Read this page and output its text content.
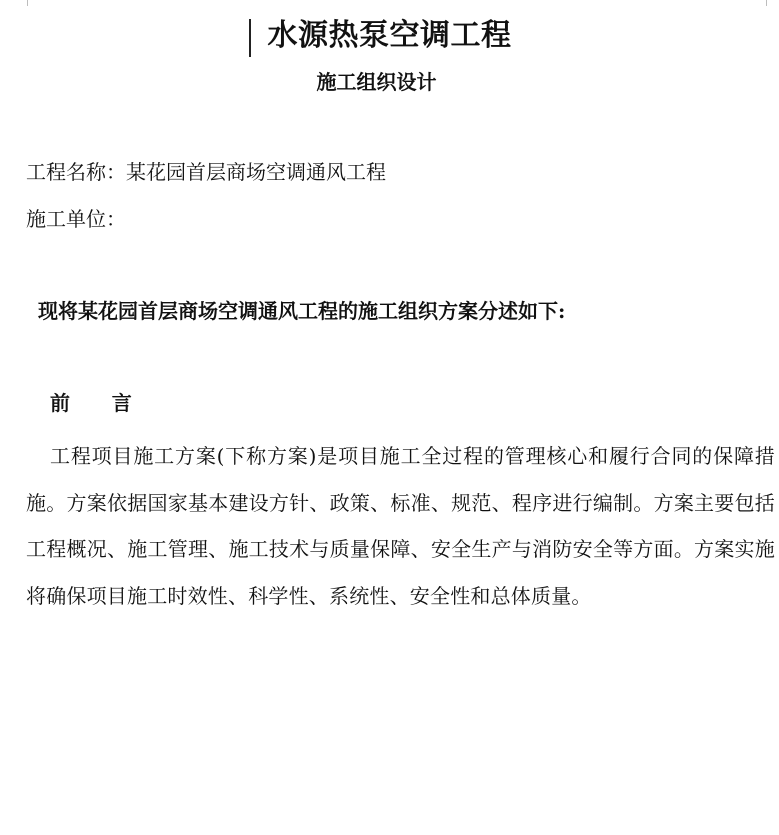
水源热泵空调工程
施工组织设计
工程名称：某花园首层商场空调通风工程
施工单位：
现将某花园首层商场空调通风工程的施工组织方案分述如下:
前      言
工程项目施工方案(下称方案)是项目施工全过程的管理核心和履行合同的保障措施。方案依据国家基本建设方针、政策、标准、规范、程序进行编制。方案主要包括工程概况、施工管理、施工技术与质量保障、安全生产与消防安全等方面。方案实施将确保项目施工时效性、科学性、系统性、安全性和总体质量。
